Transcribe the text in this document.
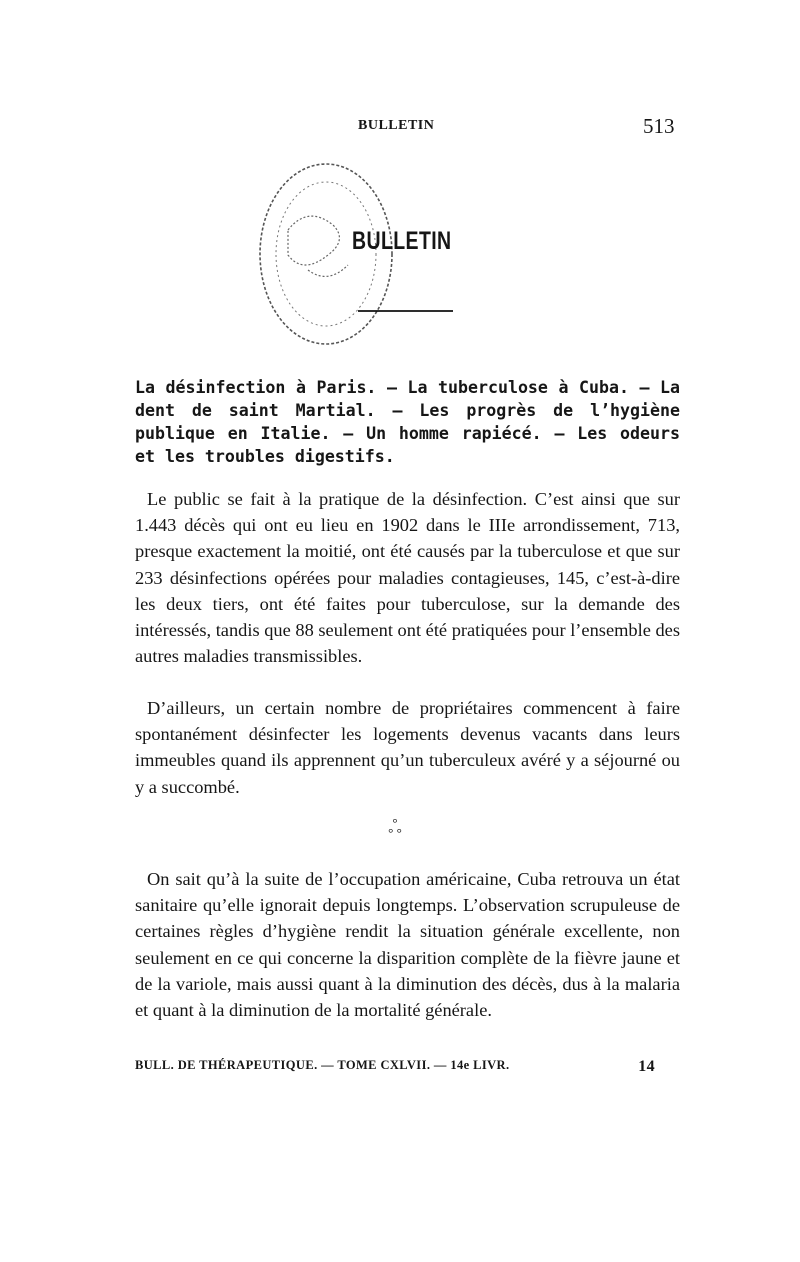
BULLETIN	513
BULLETIN

La désinfection à Paris. — La tuberculose à Cuba. — La dent de saint Martial. — Les progrès de l’hygiène publique en Italie. — Un homme rapiécé. — Les odeurs et les troubles digestifs.

Le public se fait à la pratique de la désinfection. C’est ainsi que sur 1.443 décès qui ont eu lieu en 1902 dans le IIIe arrondissement, 713, presque exactement la moitié, ont été causés par la tuberculose et que sur 233 désinfections opérées pour maladies contagieuses, 145, c’est-à-dire les deux tiers, ont été faites pour tuberculose, sur la demande des intéressés, tandis que 88 seulement ont été pratiquées pour l’ensemble des autres maladies transmissibles.

D’ailleurs, un certain nombre de propriétaires commencent à faire spontanément désinfecter les logements devenus vacants dans leurs immeubles quand ils apprennent qu’un tuberculeux avéré y a séjourné ou y a succombé.

°
° °

On sait qu’à la suite de l’occupation américaine, Cuba retrouva un état sanitaire qu’elle ignorait depuis longtemps. L’observation scrupuleuse de certaines règles d’hygiène rendit la situation générale excellente, non seulement en ce qui concerne la disparition complète de la fièvre jaune et de la variole, mais aussi quant à la diminution des décès, dus à la malaria et quant à la diminution de la mortalité générale.

BULL. DE THÉRAPEUTIQUE. — TOME CXLVII. — 14e LIVR.	14
